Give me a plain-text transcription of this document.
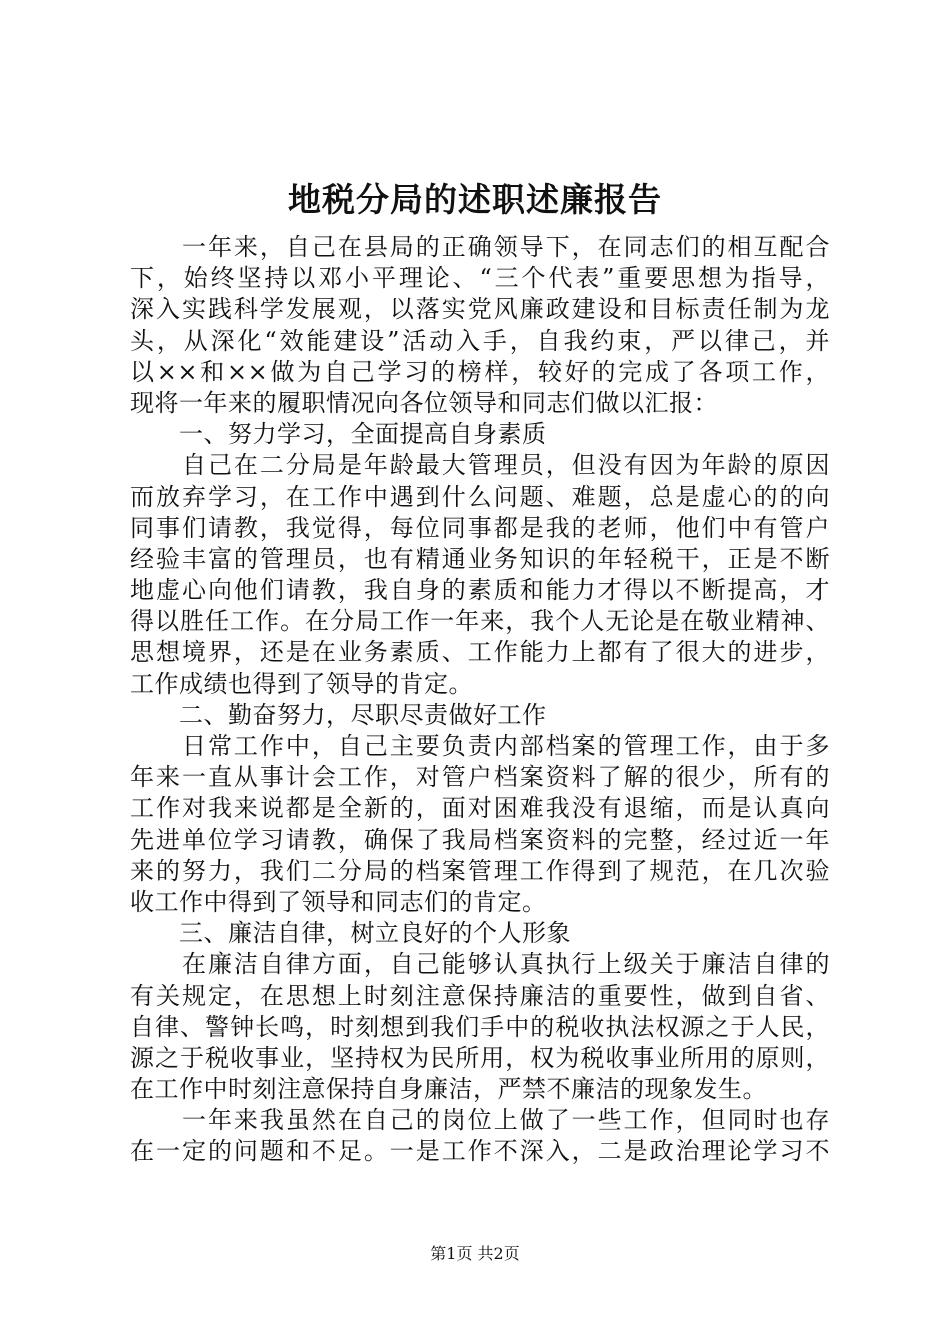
地税分局的述职述廉报告
　　一年来，自己在县局的正确领导下，在同志们的相互配合
下，始终坚持以邓小平理论、“三个代表”重要思想为指导，
深入实践科学发展观，以落实党风廉政建设和目标责任制为龙
头，从深化“效能建设”活动入手，自我约束，严以律己，并
以××和××做为自己学习的榜样，较好的完成了各项工作，
现将一年来的履职情况向各位领导和同志们做以汇报：
　　一、努力学习，全面提高自身素质
　　自己在二分局是年龄最大管理员，但没有因为年龄的原因
而放弃学习，在工作中遇到什么问题、难题，总是虚心的的向
同事们请教，我觉得，每位同事都是我的老师，他们中有管户
经验丰富的管理员，也有精通业务知识的年轻税干，正是不断
地虚心向他们请教，我自身的素质和能力才得以不断提高，才
得以胜任工作。在分局工作一年来，我个人无论是在敬业精神、
思想境界，还是在业务素质、工作能力上都有了很大的进步，
工作成绩也得到了领导的肯定。
　　二、勤奋努力，尽职尽责做好工作
　　日常工作中，自己主要负责内部档案的管理工作，由于多
年来一直从事计会工作，对管户档案资料了解的很少，所有的
工作对我来说都是全新的，面对困难我没有退缩，而是认真向
先进单位学习请教，确保了我局档案资料的完整，经过近一年
来的努力，我们二分局的档案管理工作得到了规范，在几次验
收工作中得到了领导和同志们的肯定。
　　三、廉洁自律，树立良好的个人形象
　　在廉洁自律方面，自己能够认真执行上级关于廉洁自律的
有关规定，在思想上时刻注意保持廉洁的重要性，做到自省、
自律、警钟长鸣，时刻想到我们手中的税收执法权源之于人民，
源之于税收事业，坚持权为民所用，权为税收事业所用的原则，
在工作中时刻注意保持自身廉洁，严禁不廉洁的现象发生。
　　一年来我虽然在自己的岗位上做了一些工作，但同时也存
在一定的问题和不足。一是工作不深入，二是政治理论学习不
第1页 共2页
